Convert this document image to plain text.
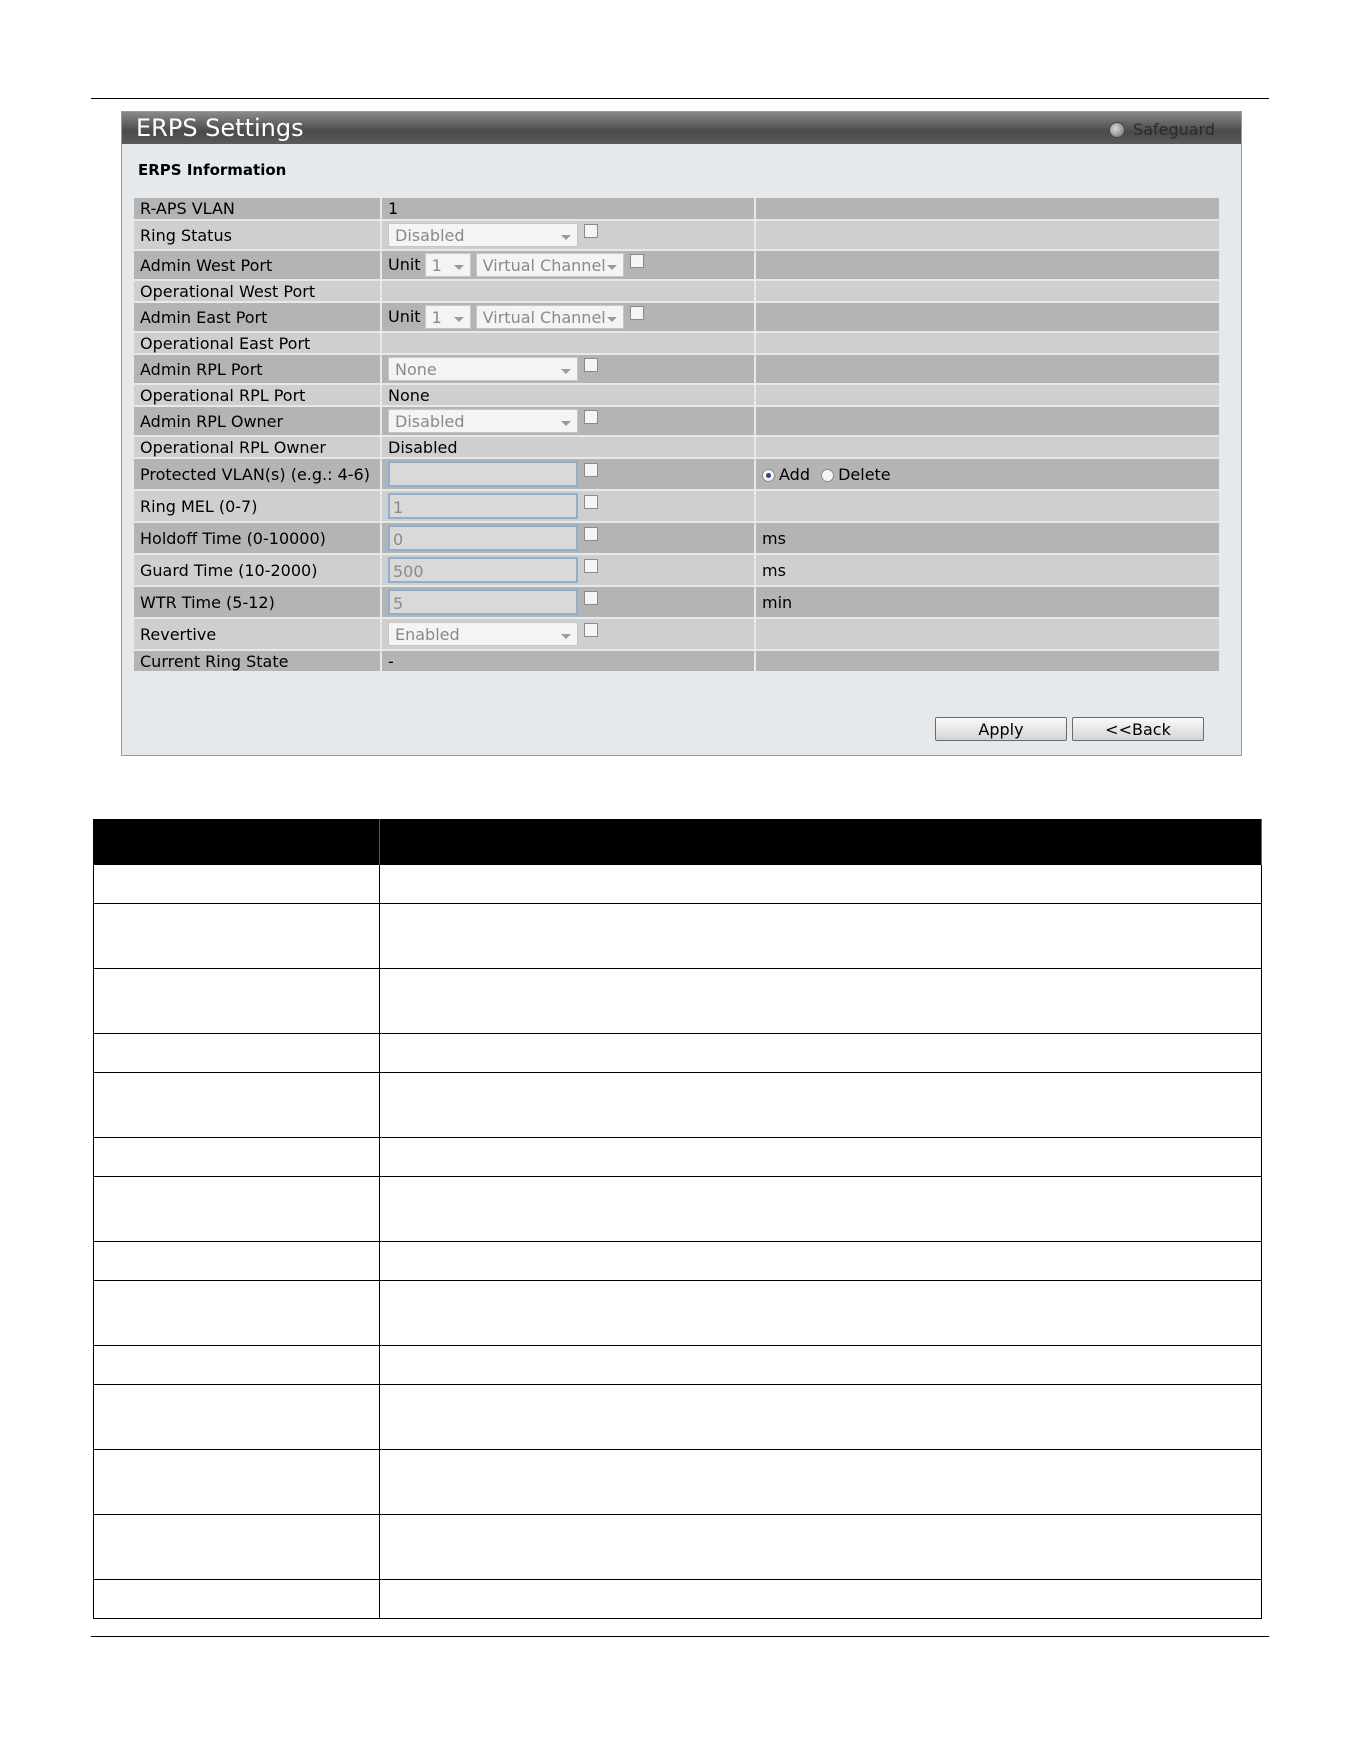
ERPS Settings	Safeguard
ERPS Information
R-APS VLAN	1	
Ring Status	Disabled

Admin West Port	Unit 1 Virtual Channel

Operational West Port		
Admin East Port	Unit 1 Virtual Channel

Operational East Port		
Admin RPL Port	None

Operational RPL Port	None	
Admin RPL Owner	Disabled

Operational RPL Owner	Disabled	
Protected VLAN(s) (e.g.: 4-6)		Add Delete
Ring MEL (0-7)	1	
Holdoff Time (0-10000)	0	ms
Guard Time (10-2000)	500	ms
WTR Time (5-12)	5	min
Revertive	Enabled

Current Ring State	-	
Apply	<<Back
